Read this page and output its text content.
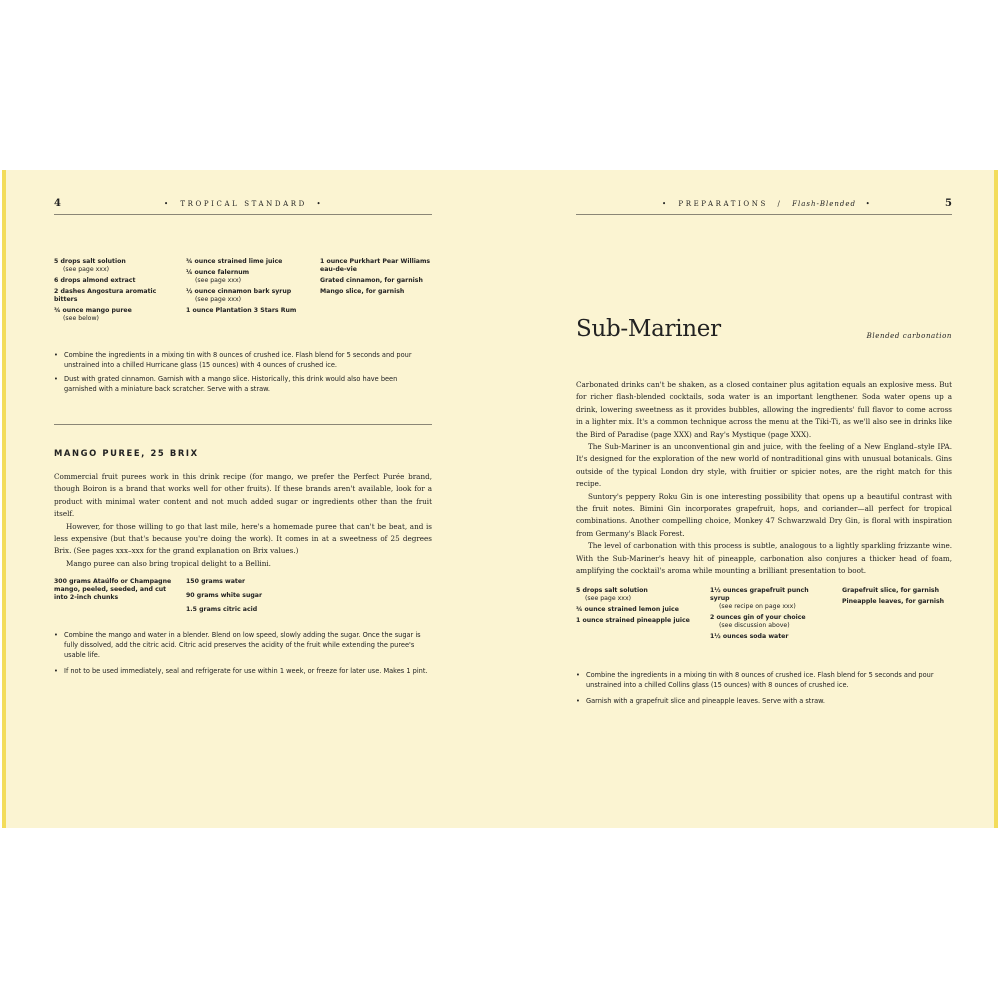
4	•  TROPICAL STANDARD  •
5 drops salt solution
(see page xxx)
6 drops almond extract
2 dashes Angostura aromatic bitters
¾ ounce mango puree
(see below)
¾ ounce strained lime juice
¼ ounce falernum
(see page xxx)
½ ounce cinnamon bark syrup
(see page xxx)
1 ounce Plantation 3 Stars Rum
1 ounce Purkhart Pear Williams eau-de-vie
Grated cinnamon, for garnish
Mango slice, for garnish
• Combine the ingredients in a mixing tin with 8 ounces of crushed ice. Flash blend for 5 seconds and pour unstrained into a chilled Hurricane glass (15 ounces) with 4 ounces of crushed ice.
• Dust with grated cinnamon. Garnish with a mango slice. Historically, this drink would also have been garnished with a miniature back scratcher. Serve with a straw.
MANGO PUREE, 25 BRIX

Commercial fruit purees work in this drink recipe (for mango, we prefer the Perfect Purée brand, though Boiron is a brand that works well for other fruits). If these brands aren't available, look for a product with minimal water content and not much added sugar or ingredients other than the fruit itself.

However, for those willing to go that last mile, here's a homemade puree that can't be beat, and is less expensive (but that's because you're doing the work). It comes in at a sweetness of 25 degrees Brix. (See pages xxx–xxx for the grand explanation on Brix values.)

Mango puree can also bring tropical delight to a Bellini.

300 grams Ataúlfo or Champagne mango, peeled, seeded, and cut into 2-inch chunks
150 grams water
90 grams white sugar
1.5 grams citric acid
• Combine the mango and water in a blender. Blend on low speed, slowly adding the sugar. Once the sugar is fully dissolved, add the citric acid. Citric acid preserves the acidity of the fruit while extending the puree's usable life.
• If not to be used immediately, seal and refrigerate for use within 1 week, or freeze for later use. Makes 1 pint.
•  PREPARATIONS / Flash-Blended  •	5
Sub-Mariner	Blended carbonation

Carbonated drinks can't be shaken, as a closed container plus agitation equals an explosive mess. But for richer flash-blended cocktails, soda water is an important lengthener. Soda water opens up a drink, lowering sweetness as it provides bubbles, allowing the ingredients' full flavor to come across in a lighter mix. It's a common technique across the menu at the Tiki-Ti, as we'll also see in drinks like the Bird of Paradise (page XXX) and Ray's Mystique (page XXX).

The Sub-Mariner is an unconventional gin and juice, with the feeling of a New England–style IPA. It's designed for the exploration of the new world of nontraditional gins with unusual botanicals. Gins outside of the typical London dry style, with fruitier or spicier notes, are the right match for this recipe.

Suntory's peppery Roku Gin is one interesting possibility that opens up a beautiful contrast with the fruit notes. Bimini Gin incorporates grapefruit, hops, and coriander—all perfect for tropical combinations. Another compelling choice, Monkey 47 Schwarzwald Dry Gin, is floral with inspiration from Germany's Black Forest.

The level of carbonation with this process is subtle, analogous to a lightly sparkling frizzante wine. With the Sub-Mariner's heavy hit of pineapple, carbonation also conjures a thicker head of foam, amplifying the cocktail's aroma while mounting a brilliant presentation to boot.

5 drops salt solution
(see page xxx)
¾ ounce strained lemon juice
1 ounce strained pineapple juice
1½ ounces grapefruit punch syrup
(see recipe on page xxx)
2 ounces gin of your choice
(see discussion above)
1½ ounces soda water
Grapefruit slice, for garnish
Pineapple leaves, for garnish
• Combine the ingredients in a mixing tin with 8 ounces of crushed ice. Flash blend for 5 seconds and pour unstrained into a chilled Collins glass (15 ounces) with 8 ounces of crushed ice.
• Garnish with a grapefruit slice and pineapple leaves. Serve with a straw.
